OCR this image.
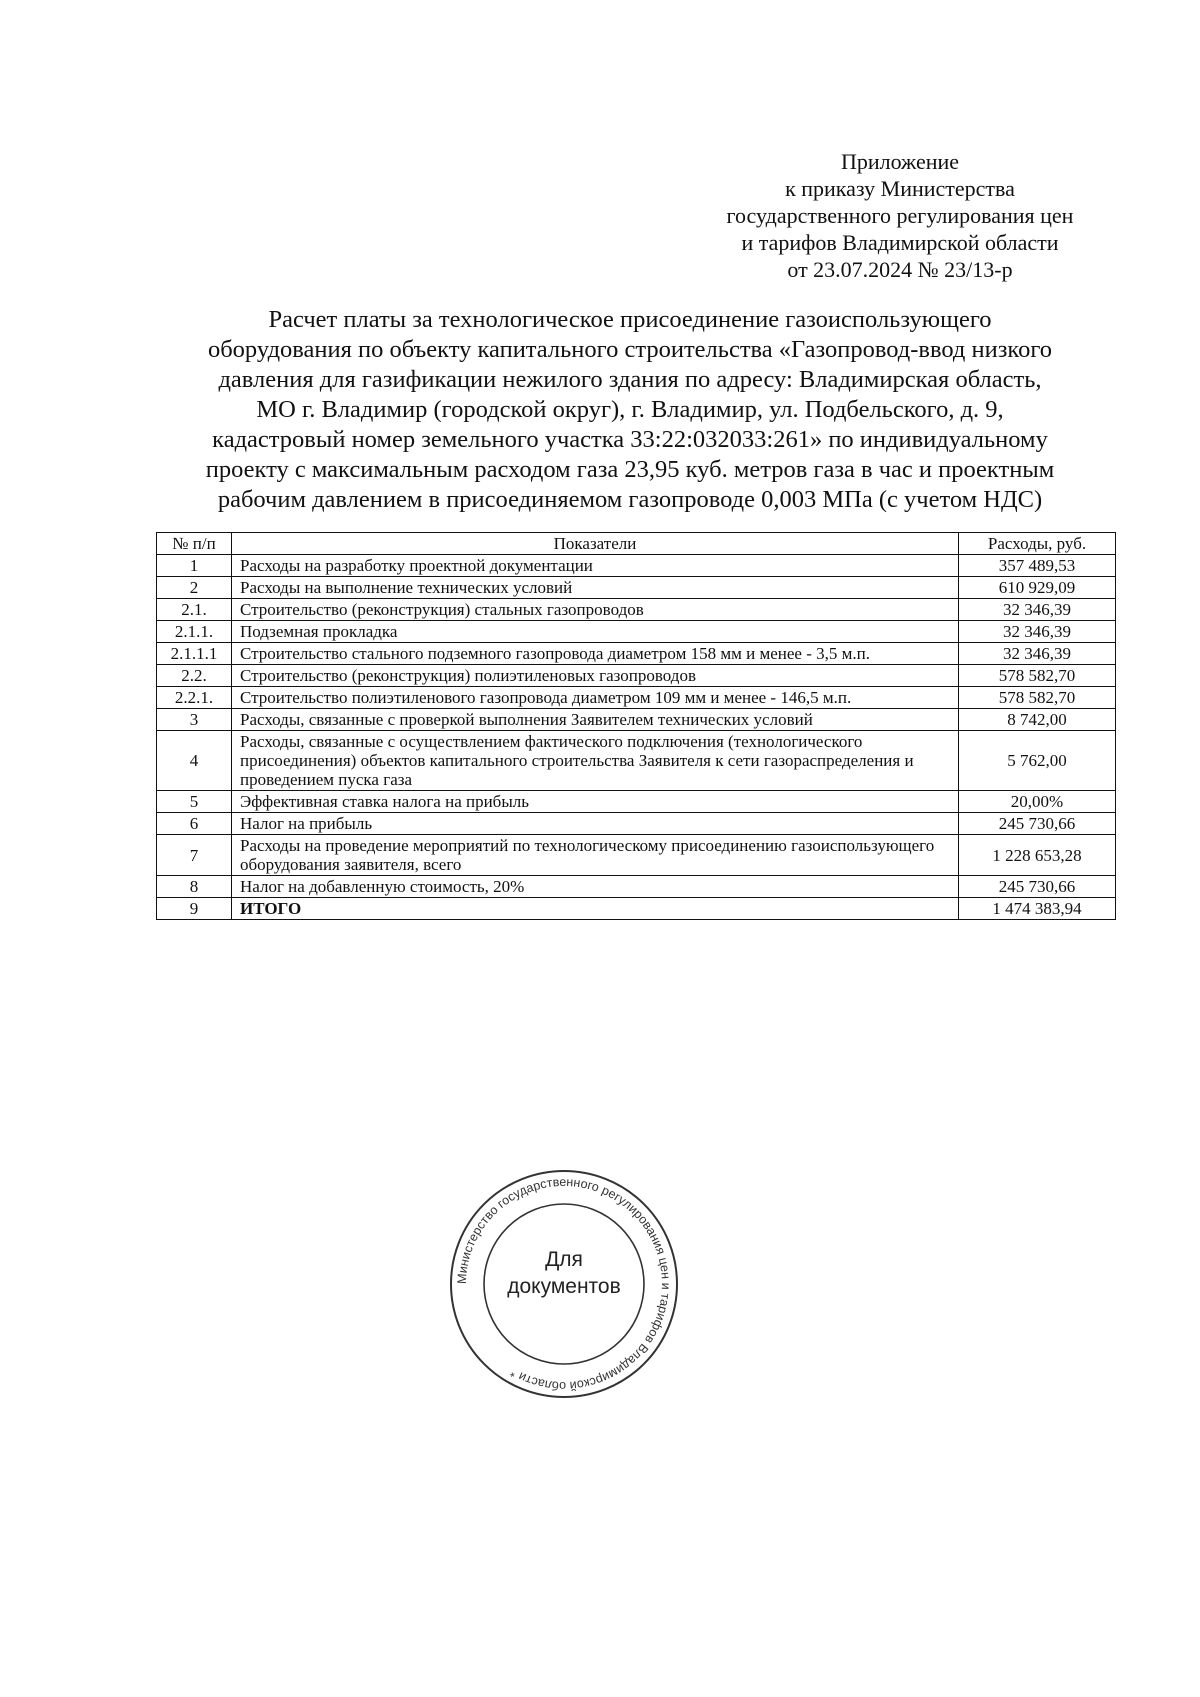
Приложение
к приказу Министерства
государственного регулирования цен
и тарифов Владимирской области
от 23.07.2024 № 23/13-р
Расчет платы за технологическое присоединение газоиспользующего
оборудования по объекту капитального строительства «Газопровод-ввод низкого
давления для газификации нежилого здания по адресу: Владимирская область,
МО г. Владимир (городской округ), г. Владимир, ул. Подбельского, д. 9,
кадастровый номер земельного участка 33:22:032033:261» по индивидуальному
проекту с максимальным расходом газа 23,95 куб. метров газа в час и проектным
рабочим давлением в присоединяемом газопроводе 0,003 МПа (с учетом НДС)
№ п/п	Показатели	Расходы, руб.
1	Расходы на разработку проектной документации	357 489,53
2	Расходы на выполнение технических условий	610 929,09
2.1.	Строительство (реконструкция) стальных газопроводов	32 346,39
2.1.1.	Подземная прокладка	32 346,39
2.1.1.1	Строительство стального подземного газопровода диаметром 158 мм и менее - 3,5 м.п.	32 346,39
2.2.	Строительство (реконструкция) полиэтиленовых газопроводов	578 582,70
2.2.1.	Строительство полиэтиленового газопровода диаметром 109 мм и менее - 146,5 м.п.	578 582,70
3	Расходы, связанные с проверкой выполнения Заявителем технических условий	8 742,00
4	Расходы, связанные с осуществлением фактического подключения (технологического присоединения) объектов капитального строительства Заявителя к сети газораспределения и проведением пуска газа	5 762,00
5	Эффективная ставка налога на прибыль	20,00%
6	Налог на прибыль	245 730,66
7	Расходы на проведение мероприятий по технологическому присоединению газоиспользующего оборудования заявителя, всего	1 228 653,28
8	Налог на добавленную стоимость, 20%	245 730,66
9	ИТОГО	1 474 383,94
Министерство государственного регулирования цен и тарифов Владимирской области *
Для
документов
